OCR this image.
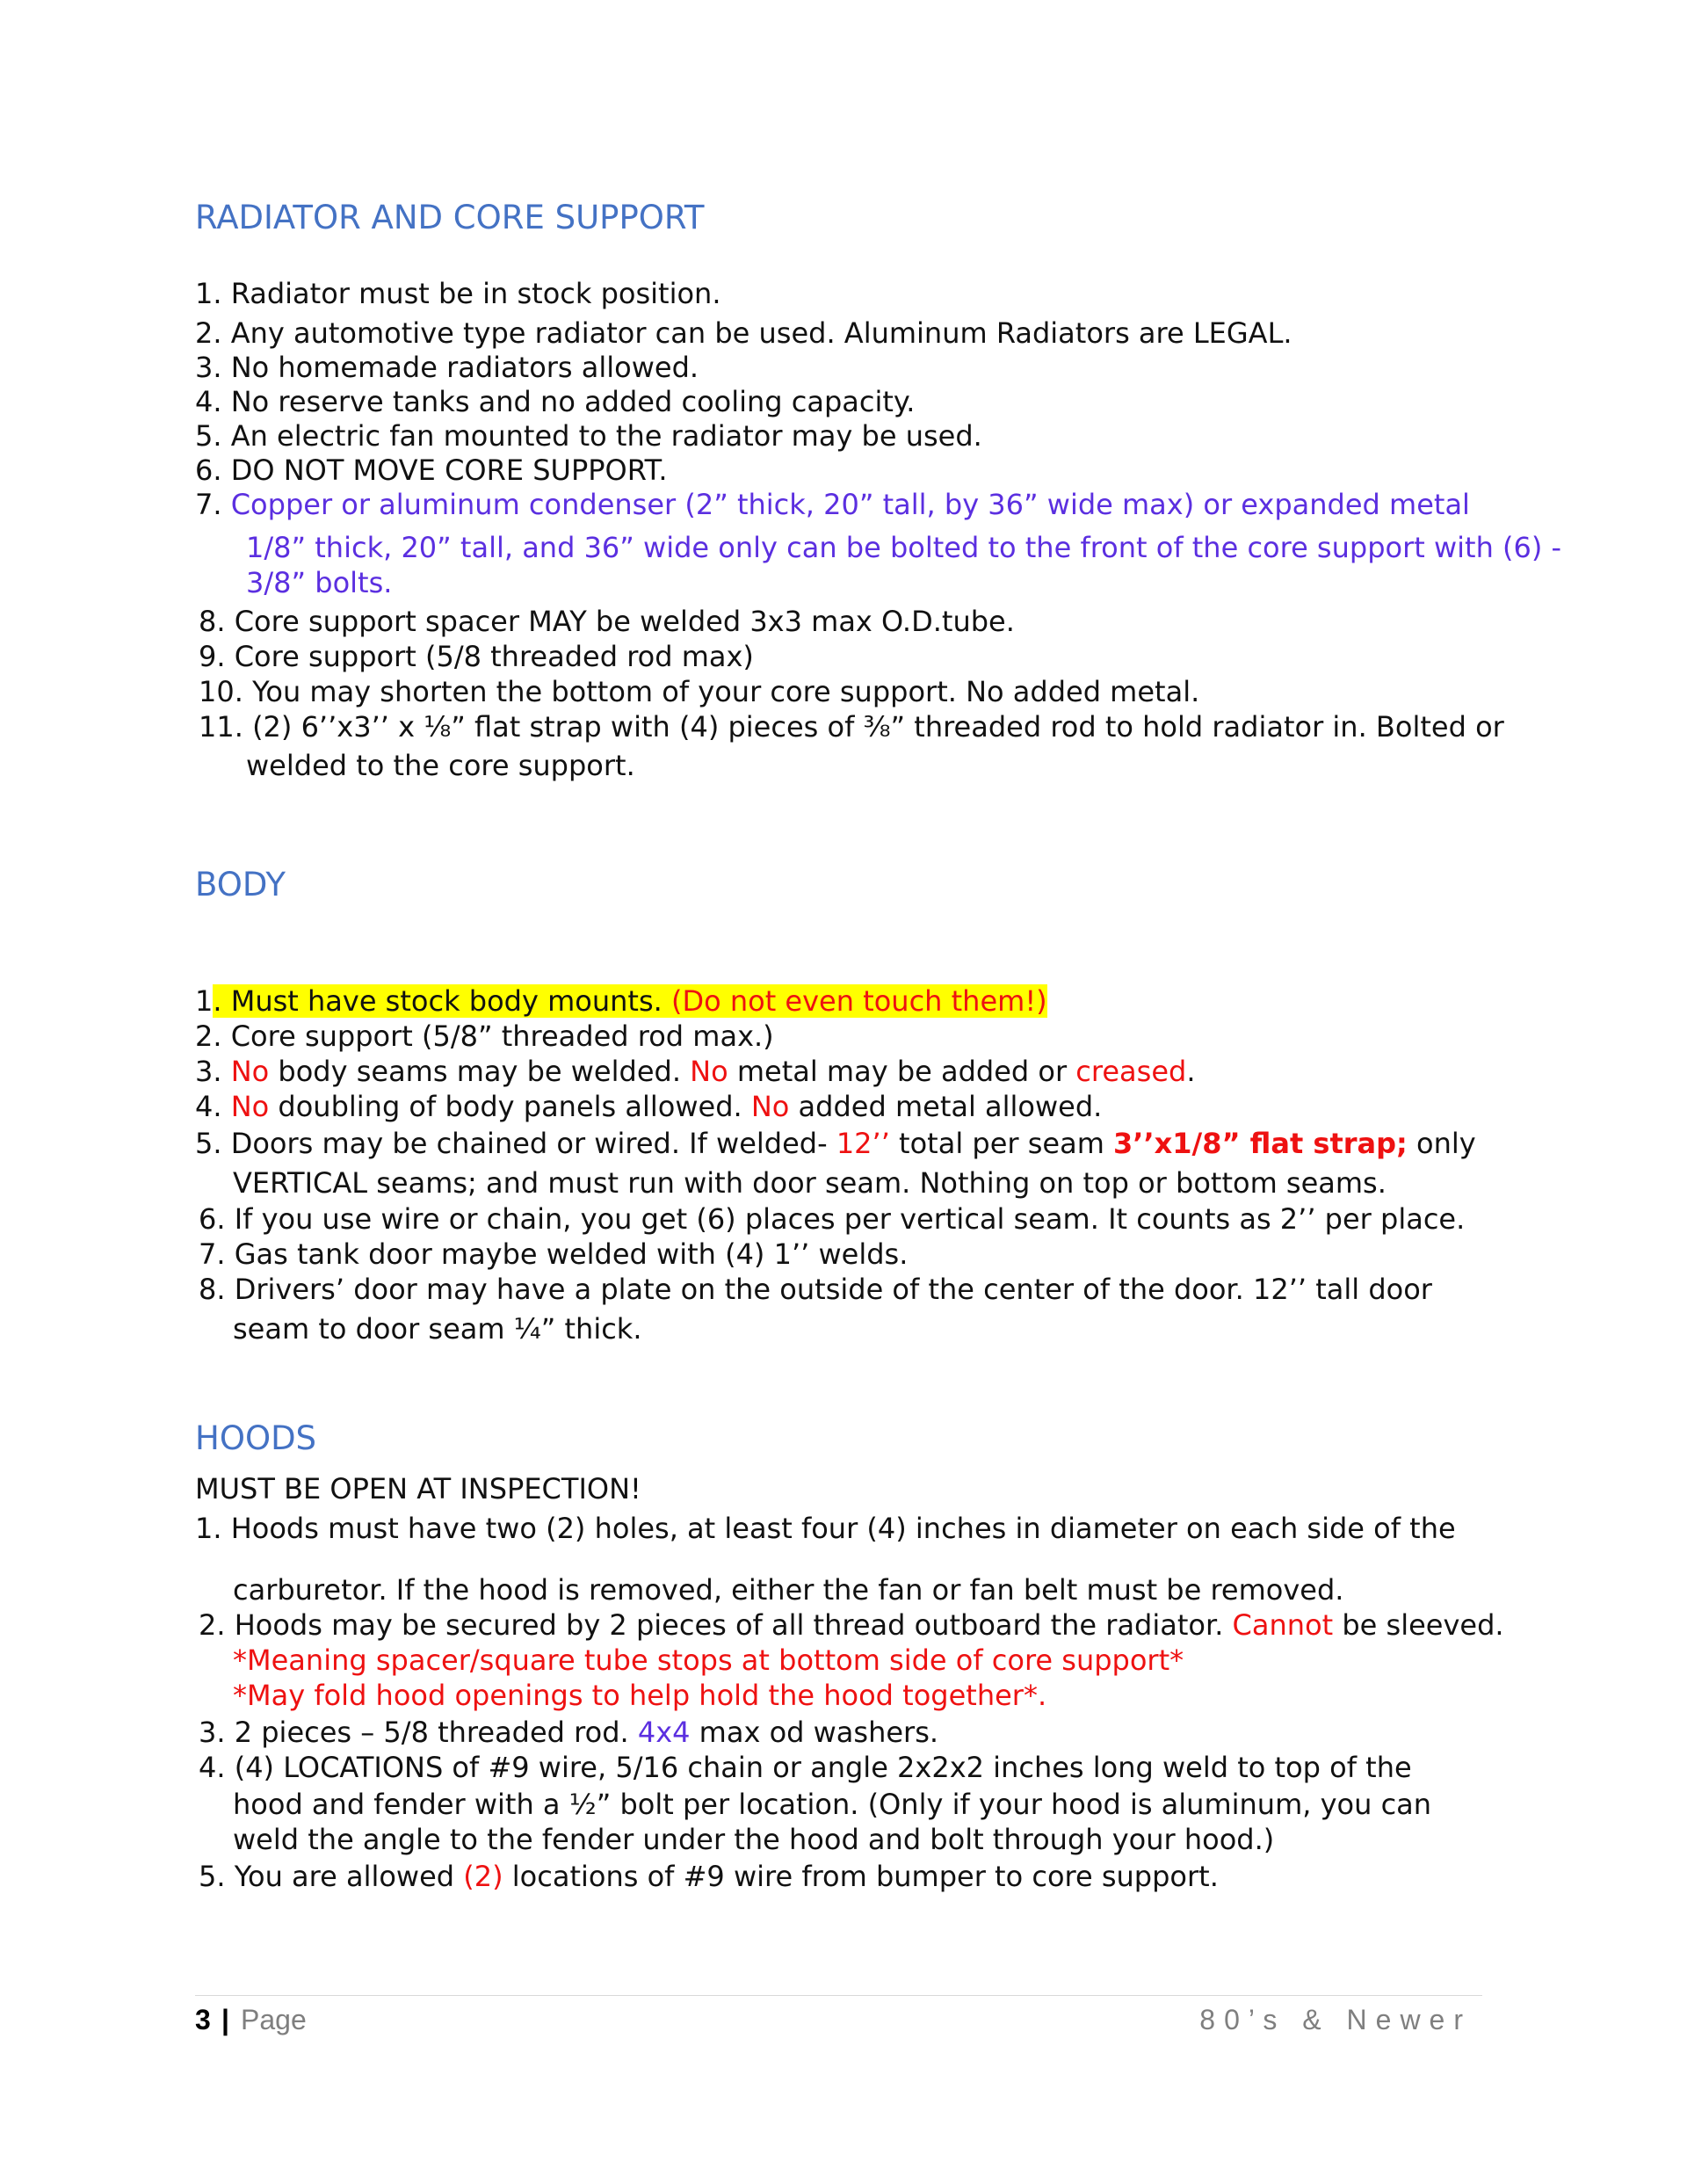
RADIATOR AND CORE SUPPORT

1. Radiator must be in stock position.

2. Any automotive type radiator can be used. Aluminum Radiators are LEGAL.

3. No homemade radiators allowed.

4. No reserve tanks and no added cooling capacity.

5. An electric fan mounted to the radiator may be used.

6. DO NOT MOVE CORE SUPPORT.

7. Copper or aluminum condenser (2” thick, 20” tall, by 36” wide max) or expanded metal

1/8” thick, 20” tall, and 36” wide only can be bolted to the front of the core support with (6) -

3/8” bolts.

8. Core support spacer MAY be welded 3x3 max O.D.tube.

9. Core support (5/8 threaded rod max)

10. You may shorten the bottom of your core support. No added metal.

11. (2) 6’’x3’’ x ⅛” flat strap with (4) pieces of ⅜” threaded rod to hold radiator in. Bolted or

welded to the core support.

BODY

1. Must have stock body mounts. (Do not even touch them!)

2. Core support (5/8” threaded rod max.)

3. No body seams may be welded. No metal may be added or creased.

4. No doubling of body panels allowed. No added metal allowed.

5. Doors may be chained or wired. If welded- 12’’ total per seam 3’’x1/8” flat strap; only

VERTICAL seams; and must run with door seam. Nothing on top or bottom seams.

6. If you use wire or chain, you get (6) places per vertical seam. It counts as 2’’ per place.

7. Gas tank door maybe welded with (4) 1’’ welds.

8. Drivers’ door may have a plate on the outside of the center of the door. 12’’ tall door

seam to door seam ¼” thick.

HOODS

MUST BE OPEN AT INSPECTION!

1. Hoods must have two (2) holes, at least four (4) inches in diameter on each side of the

carburetor. If the hood is removed, either the fan or fan belt must be removed.

2. Hoods may be secured by 2 pieces of all thread outboard the radiator. Cannot be sleeved.

*Meaning spacer/square tube stops at bottom side of core support*

*May fold hood openings to help hold the hood together*.

3. 2 pieces – 5/8 threaded rod. 4x4 max od washers.

4. (4) LOCATIONS of #9 wire, 5/16 chain or angle 2x2x2 inches long weld to top of the

hood and fender with a ½” bolt per location. (Only if your hood is aluminum, you can

weld the angle to the fender under the hood and bolt through your hood.)

5. You are allowed (2) locations of #9 wire from bumper to core support.

3 | Page	80’s & Newer
